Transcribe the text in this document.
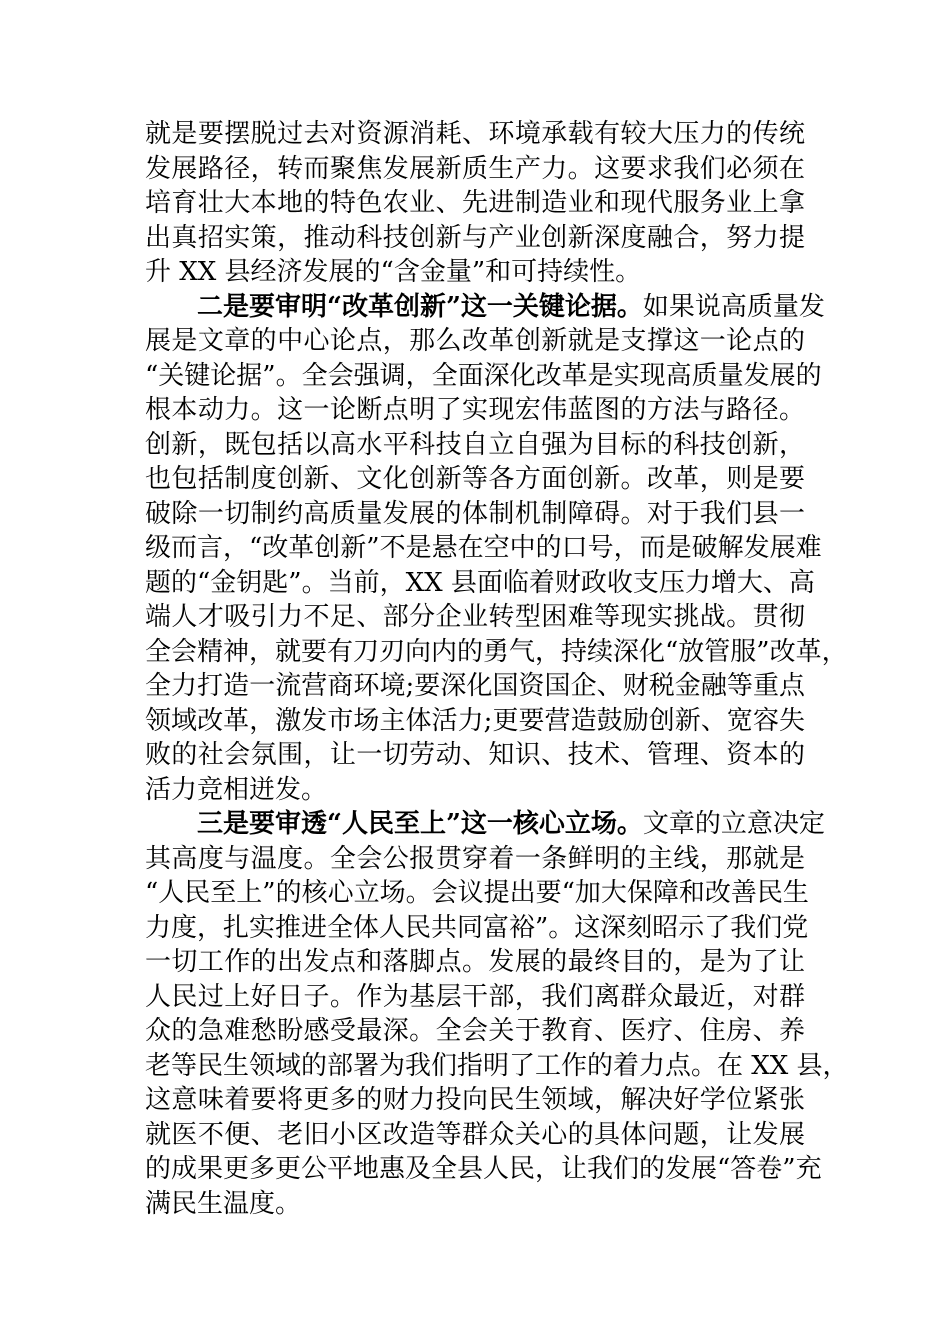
就是要摆脱过去对资源消耗、环境承载有较大压力的传统
发展路径，转而聚焦发展新质生产力。这要求我们必须在
培育壮大本地的特色农业、先进制造业和现代服务业上拿
出真招实策，推动科技创新与产业创新深度融合，努力提
升 XX 县经济发展的“含金量”和可持续性。
二是要审明“改革创新”这一关键论据。如果说高质量发
展是文章的中心论点，那么改革创新就是支撑这一论点的
“关键论据”。全会强调，全面深化改革是实现高质量发展的
根本动力。这一论断点明了实现宏伟蓝图的方法与路径。
创新，既包括以高水平科技自立自强为目标的科技创新，
也包括制度创新、文化创新等各方面创新。改革，则是要
破除一切制约高质量发展的体制机制障碍。对于我们县一
级而言，“改革创新”不是悬在空中的口号，而是破解发展难
题的“金钥匙”。当前，XX 县面临着财政收支压力增大、高
端人才吸引力不足、部分企业转型困难等现实挑战。贯彻
全会精神，就要有刀刃向内的勇气，持续深化“放管服”改革，
全力打造一流营商环境;要深化国资国企、财税金融等重点
领域改革，激发市场主体活力;更要营造鼓励创新、宽容失
败的社会氛围，让一切劳动、知识、技术、管理、资本的
活力竞相迸发。
三是要审透“人民至上”这一核心立场。文章的立意决定
其高度与温度。全会公报贯穿着一条鲜明的主线，那就是
“人民至上”的核心立场。会议提出要“加大保障和改善民生
力度，扎实推进全体人民共同富裕”。这深刻昭示了我们党
一切工作的出发点和落脚点。发展的最终目的，是为了让
人民过上好日子。作为基层干部，我们离群众最近，对群
众的急难愁盼感受最深。全会关于教育、医疗、住房、养
老等民生领域的部署为我们指明了工作的着力点。在 XX 县，
这意味着要将更多的财力投向民生领域，解决好学位紧张
就医不便、老旧小区改造等群众关心的具体问题，让发展
的成果更多更公平地惠及全县人民，让我们的发展“答卷”充
满民生温度。
